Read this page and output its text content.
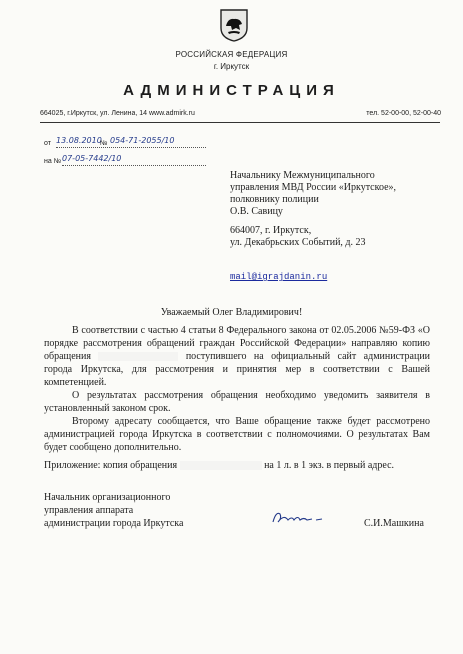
РОССИЙСКАЯ ФЕДЕРАЦИЯ
г. Иркутск
АДМИНИСТРАЦИЯ
664025, г.Иркутск, ул. Ленина, 14 www.admirk.ru	тел. 52-00-00, 52-00-40
от 13.08.2010
№ 054-71-2055/10
на № 07-05-7442/10
Начальнику Межмуниципального
управления МВД России «Иркутское»,
полковнику полиции
О.В. Савицу
664007, г. Иркутск,
ул. Декабрьских Событий, д. 23
mail@igrajdanin.ru
Уважаемый Олег Владимирович!
В соответствии с частью 4 статьи 8 Федерального закона от 02.05.2006 №59-ФЗ «О порядке рассмотрения обращений граждан Российской Федерации» направляю копию обращения	поступившего на официальный сайт администрации города Иркутска, для рассмотрения и принятия мер в соответствии с Вашей компетенцией.
О результатах рассмотрения обращения необходимо уведомить заявителя в установленный законом срок.
Второму адресату сообщается, что Ваше обращение также будет рассмотрено администрацией города Иркутска в соответствии с полномочиями. О результатах Вам будет сообщено дополнительно.
Приложение: копия обращения	на 1 л. в 1 экз. в первый адрес.
Начальник организационного
управления аппарата
администрации города Иркутска	С.И.Машкина
